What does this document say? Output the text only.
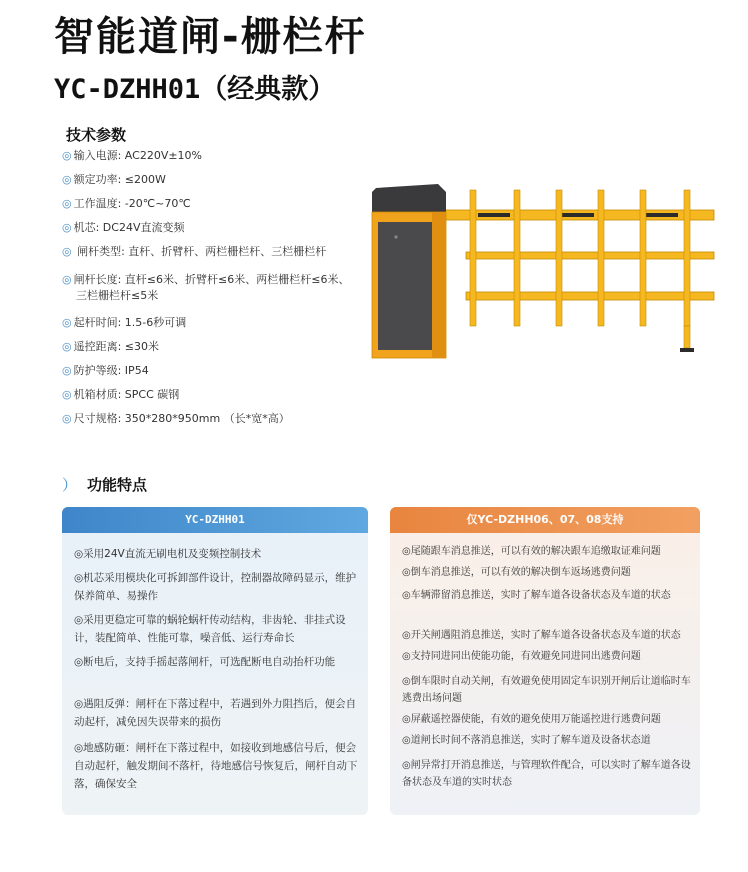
智能道闸-栅栏杆
YC-DZHH01（经典款）
技术参数
◎ 输入电源: AC220V±10%
◎ 额定功率: ≤200W
◎ 工作温度: -20℃~70℃
◎ 机芯: DC24V直流变频
◎ 闸杆类型: 直杆、折臂杆、两栏栅栏杆、三栏栅栏杆
◎ 闸杆长度: 直杆≤6米、折臂杆≤6米、两栏栅栏杆≤6米、
三栏栅栏杆≤5米
◎ 起杆时间: 1.5-6秒可调
◎ 遥控距离: ≤30米
◎ 防护等级: IP54
◎ 机箱材质: SPCC 碳钢
◎ 尺寸规格: 350*280*950mm （长*宽*高）
） 功能特点
YC-DZHH01
◎采用24V直流无刷电机及变频控制技术
◎机芯采用模块化可拆卸部件设计，控制器故障码显示，维护保养简单、易操作
◎采用更稳定可靠的蜗轮蜗杆传动结构，非齿轮、非挂式设计，装配简单、性能可靠，噪音低、运行寿命长
◎断电后，支持手摇起落闸杆，可选配断电自动抬杆功能
◎遇阻反弹：闸杆在下落过程中，若遇到外力阻挡后，便会自动起杆，减免因失误带来的损伤
◎地感防砸：闸杆在下落过程中，如接收到地感信号后，便会自动起杆，触发期间不落杆，待地感信号恢复后，闸杆自动下落，确保安全
仅YC-DZHH06、07、08支持
◎尾随跟车消息推送，可以有效的解决跟车追缴取证难问题
◎倒车消息推送，可以有效的解决倒车返场逃费问题
◎车辆滞留消息推送，实时了解车道各设备状态及车道的状态
◎开关闸遇阻消息推送，实时了解车道各设备状态及车道的状态
◎支持同进同出使能功能，有效避免同进同出逃费问题
◎倒车限时自动关闸，有效避免使用固定车识别开闸后让道临时车逃费出场问题
◎屏蔽遥控器使能，有效的避免使用万能遥控进行逃费问题
◎道闸长时间不落消息推送，实时了解车道及设备状态道
◎闸异常打开消息推送，与管理软件配合，可以实时了解车道各设备状态及车道的实时状态
